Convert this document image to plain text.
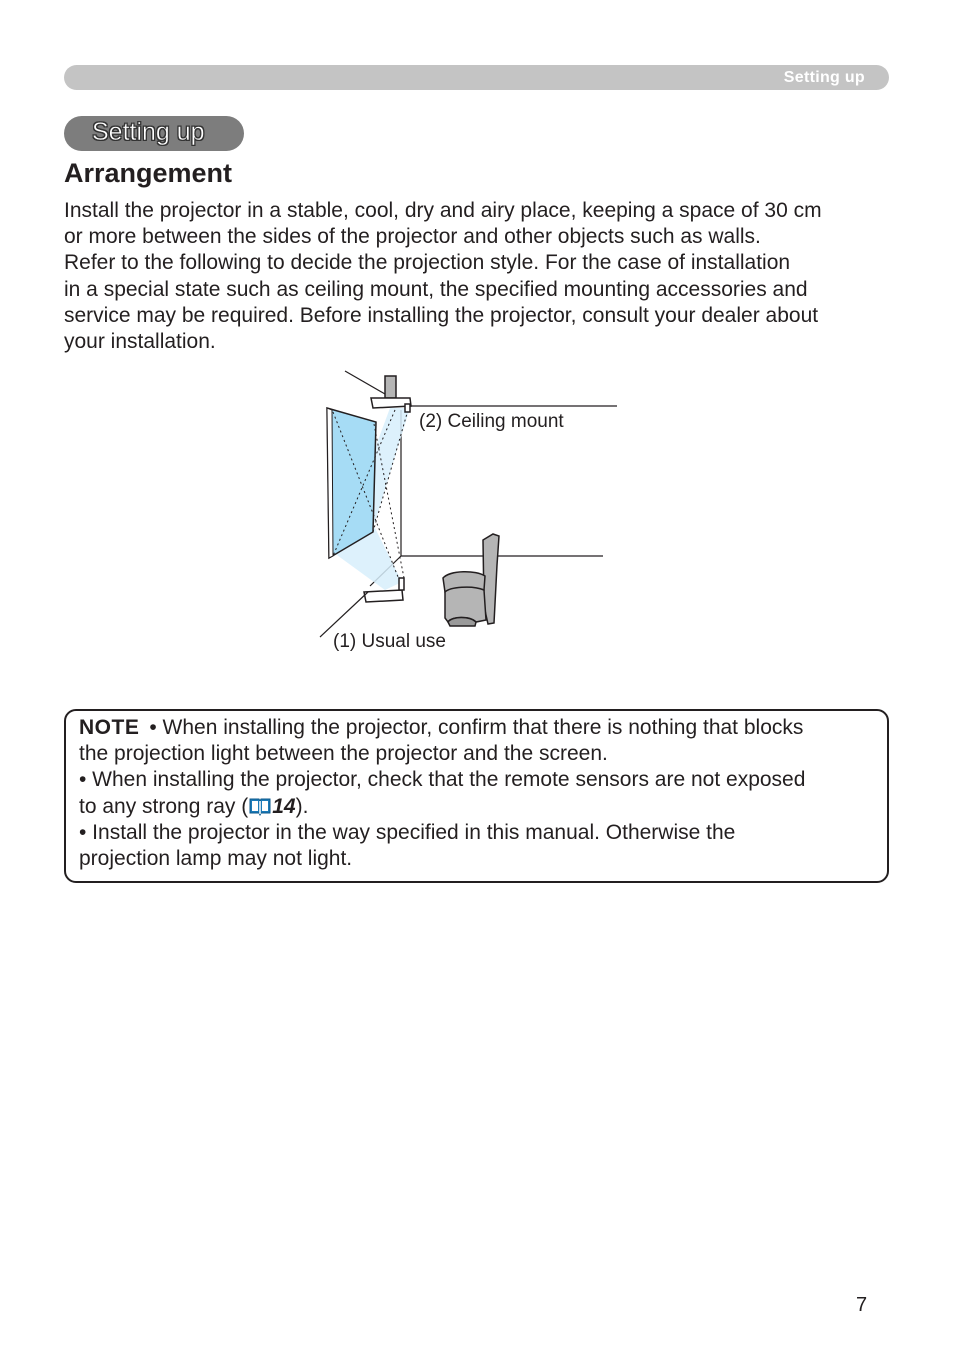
Setting up
Setting up
Arrangement

Install the projector in a stable, cool, dry and airy place, keeping a space of 30 cm
or more between the sides of the projector and other objects such as walls.
Refer to the following to decide the projection style. For the case of installation
in a special state such as ceiling mount, the specified mounting accessories and
service may be required. Before installing the projector, consult your dealer about
your installation.

(2) Ceiling mount
(1) Usual use

NOTE • When installing the projector, confirm that there is nothing that blocks
the projection light between the projector and the screen.
• When installing the projector, check that the remote sensors are not exposed
to any strong ray ( 14).
• Install the projector in the way specified in this manual. Otherwise the
projection lamp may not light.

7
